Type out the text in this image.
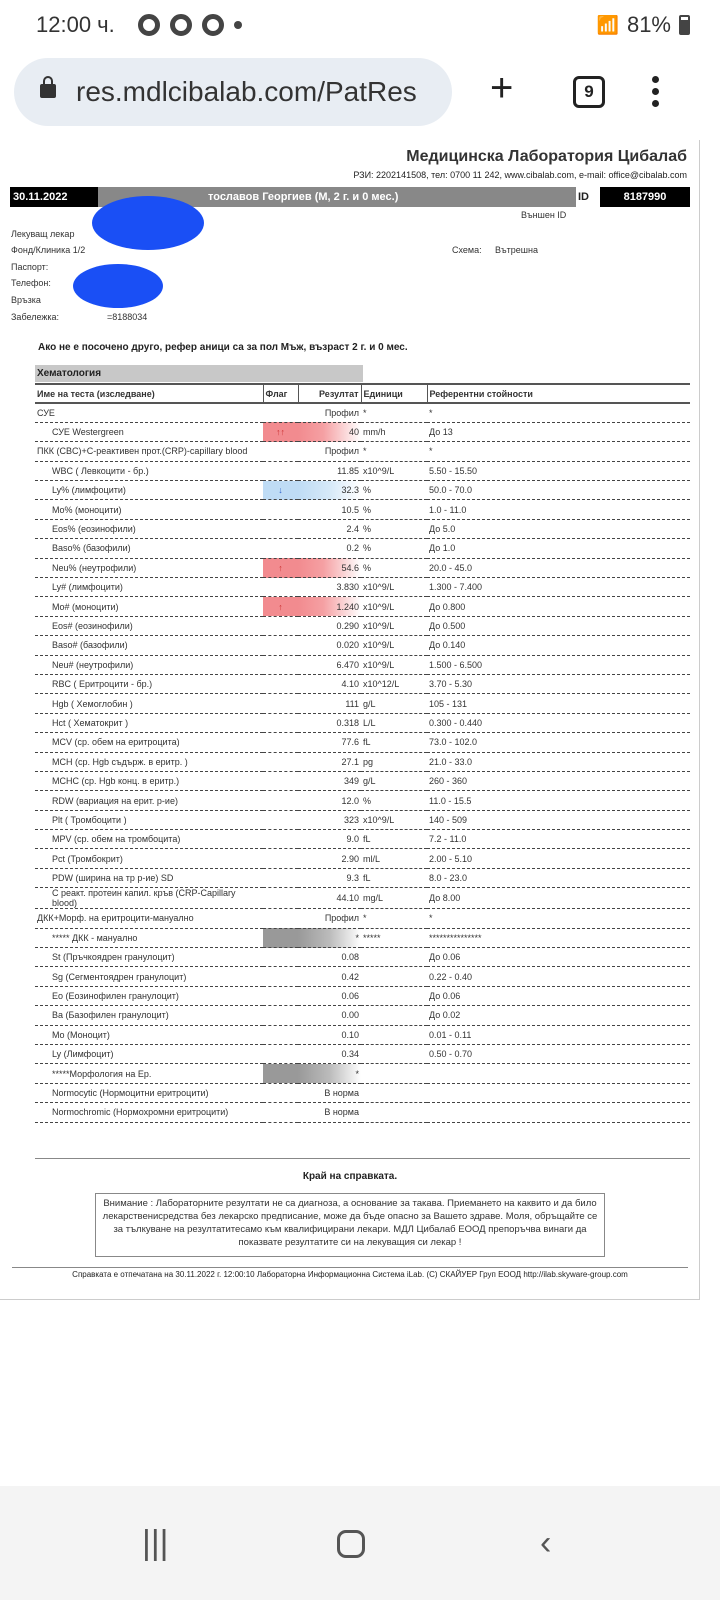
12:00 ч.	📶 81%
res.mdlcibalab.com/PatRes	+	9
Медицинска Лаборатория Цибалаб
РЗИ: 2202141508, тел: 0700 11 242, www.cibalab.com, e-mail: office@cibalab.com
30.11.2022	тославов Георгиев (М, 2 г. и 0 мес.)	ID	8187990
Външен ID
Лекуващ лекар
Фонд/Клиника 1/2	Схема: Вътрешна
Паспорт:
Телефон:
Връзка
Забележка:	=8188034
Ако не е посочено друго, рефер аници са за пол Мъж, възраст 2 г. и 0 мес.
Хематология
Име на теста (изследване)	Флаг	Резултат	Единици	Референтни стойности
СУЕ		Профил	*	*
СУЕ Westergreen	↑↑	40	mm/h	До 13
ПКК (CBC)+C-реактивен прот.(CRP)-capillary blood		Профил	*	*
WBC ( Левкоцити - бр.)		11.85	x10^9/L	5.50 - 15.50
Ly% (лимфоцити)	↓	32.3	%	50.0 - 70.0
Mo% (моноцити)		10.5	%	1.0 - 11.0
Eos% (еозинофили)		2.4	%	До 5.0
Baso% (базофили)		0.2	%	До 1.0
Neu% (неутрофили)	↑	54.6	%	20.0 - 45.0
Ly# (лимфоцити)		3.830	x10^9/L	1.300 - 7.400
Mo# (моноцити)	↑	1.240	x10^9/L	До 0.800
Eos# (еозинофили)		0.290	x10^9/L	До 0.500
Baso# (базофили)		0.020	x10^9/L	До 0.140
Neu# (неутрофили)		6.470	x10^9/L	1.500 - 6.500
RBC ( Еритроцити - бр.)		4.10	x10^12/L	3.70 - 5.30
Hgb ( Хемоглобин )		111	g/L	105 - 131
Hct ( Хематокрит )		0.318	L/L	0.300 - 0.440
MCV (ср. обем на еритроцита)		77.6	fL	73.0 - 102.0
MCH (ср. Hgb съдърж. в еритр. )		27.1	pg	21.0 - 33.0
MCHC (ср. Hgb конц. в еритр.)		349	g/L	260 - 360
RDW (вариация на ерит. р-ие)		12.0	%	11.0 - 15.5
Plt ( Тромбоцити )		323	x10^9/L	140 - 509
MPV (ср. обем на тромбоцита)		9.0	fL	7.2 - 11.0
Pct (Тромбокрит)		2.90	ml/L	2.00 - 5.10
PDW (ширина на тр р-ие) SD		9.3	fL	8.0 - 23.0
С реакт. протеин капил. кръв (CRP-Capillary blood)		44.10	mg/L	До 8.00
ДКК+Морф. на еритроцити-мануално		Профил	*	*
***** ДКК - мануално		*	*****	***************
St (Пръчкоядрен гранулоцит)		0.08		До 0.06
Sg (Сегментоядрен гранулоцит)		0.42		0.22 - 0.40
Eo (Еозинофилен гранулоцит)		0.06		До 0.06
Ba (Базофилен гранулоцит)		0.00		До 0.02
Mo (Моноцит)		0.10		0.01 - 0.11
Ly (Лимфоцит)		0.34		0.50 - 0.70
*****Морфология на Ер.		*		
Normocytic (Нормоцитни еритроцити)		В норма		
Normochromic (Нормохромни еритроцити)		В норма		
Край на справката.
Внимание : Лабораторните резултати не са диагноза, а основание за такава. Приемането на каквито и да било лекарственисредства без лекарско предписание, може да бъде опасно за Вашето здраве. Моля, обръщайте се за тълкуване на резултатитесамо към квалифицирани лекари. МДЛ Цибалаб ЕООД препоръчва винаги да показвате резултатите си на лекуващия си лекар !
Справката е отпечатана на 30.11.2022 г. 12:00:10 Лабораторна Информационна Система iLab. (C) СКАЙУЕР Груп ЕООД http://ilab.skyware-group.com
|||	‹
